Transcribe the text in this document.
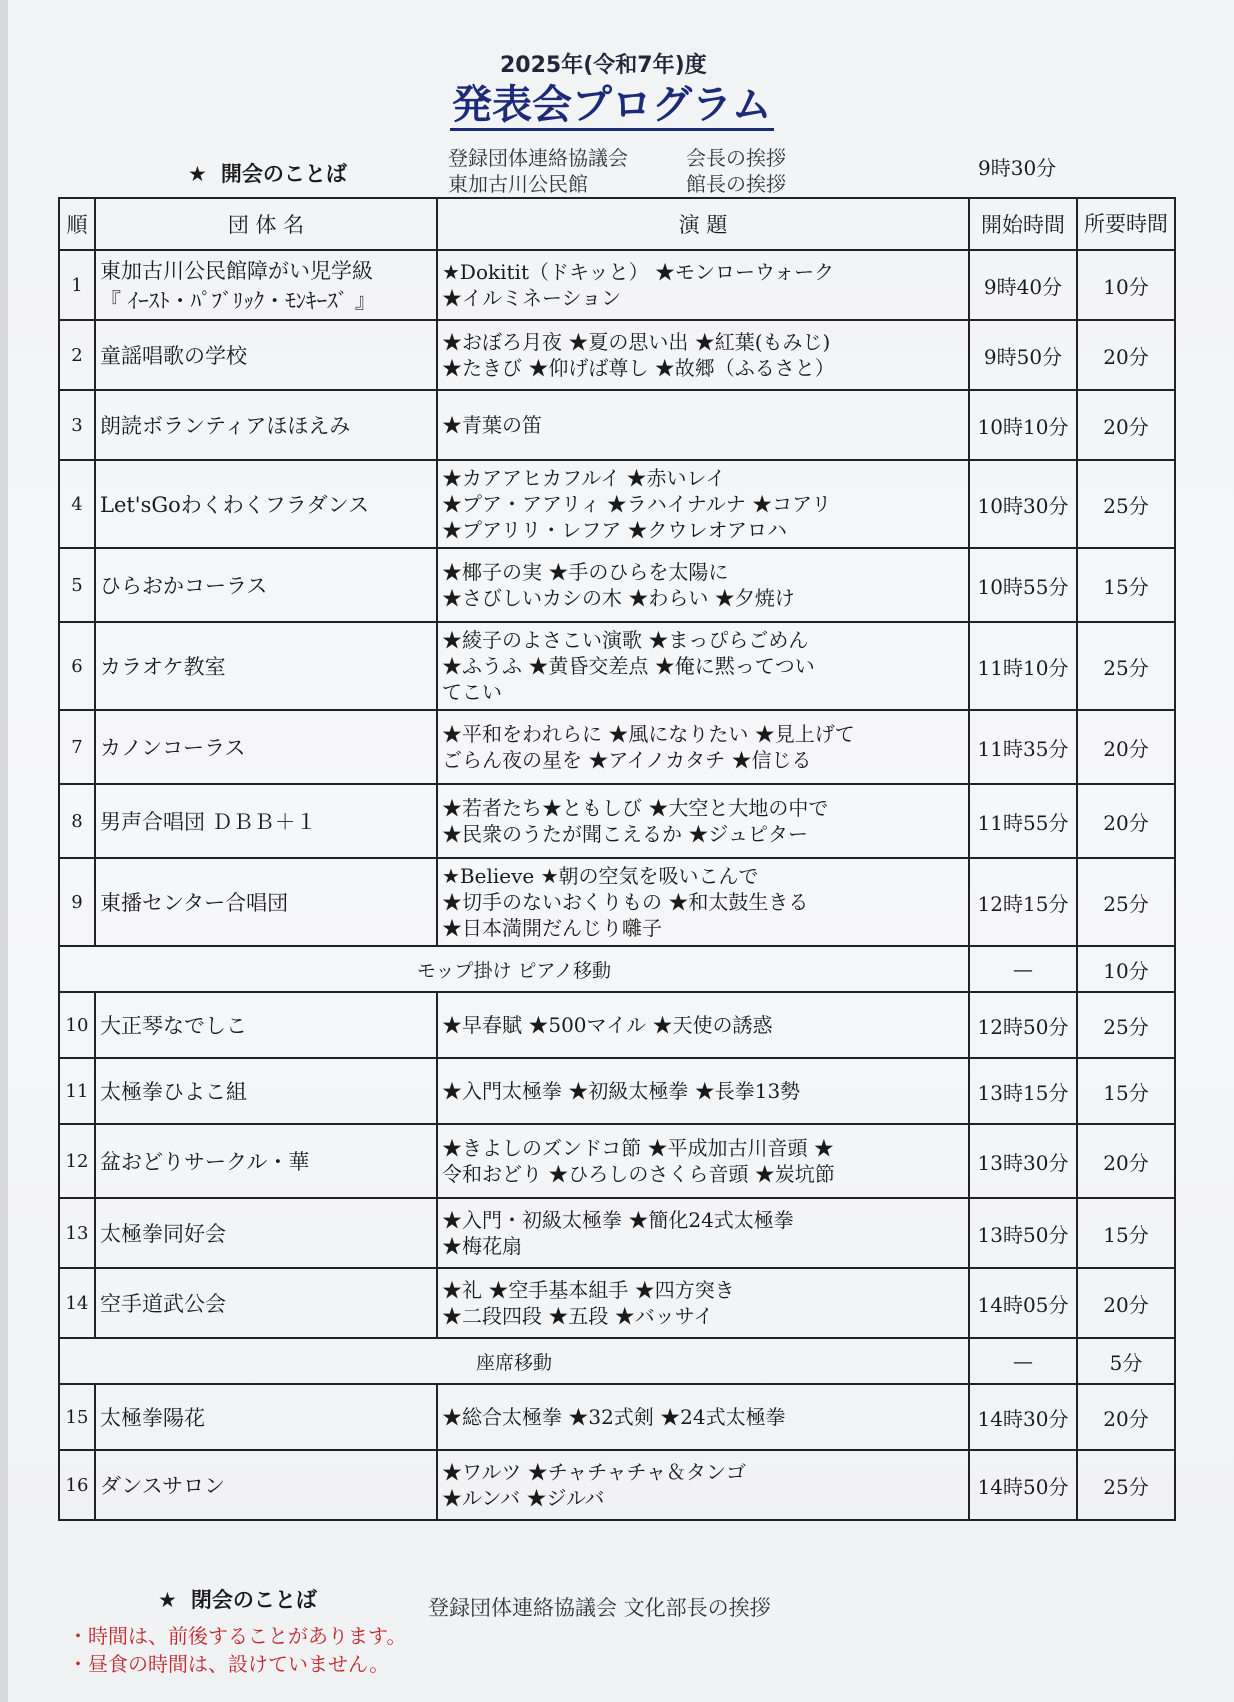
2025年(令和7年)度
発表会プログラム
★ 開会のことば
登録団体連絡協議会	会長の挨拶
東加古川公民館	館長の挨拶
9時30分
順	団 体 名	演 題	開始時間	所要時間
1	東加古川公民館障がい児学級
『 ｲｰｽﾄ・ﾊﾟﾌﾞﾘｯｸ・ﾓﾝｷｰｽﾞ 』	★Dokitit（ドキッと） ★モンローウォーク
★イルミネーション	9時40分	10分
2	童謡唱歌の学校	★おぼろ月夜 ★夏の思い出 ★紅葉(もみじ)
★たきび ★仰げば尊し ★故郷（ふるさと）	9時50分	20分
3	朗読ボランティアほほえみ	★青葉の笛	10時10分	20分
4	Let'sGoわくわくフラダンス	★カアアヒカフルイ ★赤いレイ
★プア・アアリィ ★ラハイナルナ ★コアリ
★プアリリ・レフア ★クウレオアロハ	10時30分	25分
5	ひらおかコーラス	★椰子の実 ★手のひらを太陽に
★さびしいカシの木 ★わらい ★夕焼け	10時55分	15分
6	カラオケ教室	★綾子のよさこい演歌 ★まっぴらごめん
★ふうふ ★黄昏交差点 ★俺に黙ってつい
てこい	11時10分	25分
7	カノンコーラス	★平和をわれらに ★風になりたい ★見上げて
ごらん夜の星を ★アイノカタチ ★信じる	11時35分	20分
8	男声合唱団 ＤＢＢ＋１	★若者たち★ともしび ★大空と大地の中で
★民衆のうたが聞こえるか ★ジュピター	11時55分	20分
9	東播センター合唱団	★Believe ★朝の空気を吸いこんで
★切手のないおくりもの ★和太鼓生きる
★日本満開だんじり囃子	12時15分	25分
モップ掛け ピアノ移動			—	10分
10	大正琴なでしこ	★早春賦 ★500マイル ★天使の誘惑	12時50分	25分
11	太極拳ひよこ組	★入門太極拳 ★初級太極拳 ★長拳13勢	13時15分	15分
12	盆おどりサークル・華	★きよしのズンドコ節 ★平成加古川音頭 ★
令和おどり ★ひろしのさくら音頭 ★炭坑節	13時30分	20分
13	太極拳同好会	★入門・初級太極拳 ★簡化24式太極拳
★梅花扇	13時50分	15分
14	空手道武公会	★礼 ★空手基本組手 ★四方突き
★二段四段 ★五段 ★バッサイ	14時05分	20分
座席移動			—	5分
15	太極拳陽花	★総合太極拳 ★32式剣 ★24式太極拳	14時30分	20分
16	ダンスサロン	★ワルツ ★チャチャチャ＆タンゴ
★ルンバ ★ジルバ	14時50分	25分
★ 閉会のことば	登録団体連絡協議会 文化部長の挨拶
・時間は、前後することがあります。
・昼食の時間は、設けていません。
